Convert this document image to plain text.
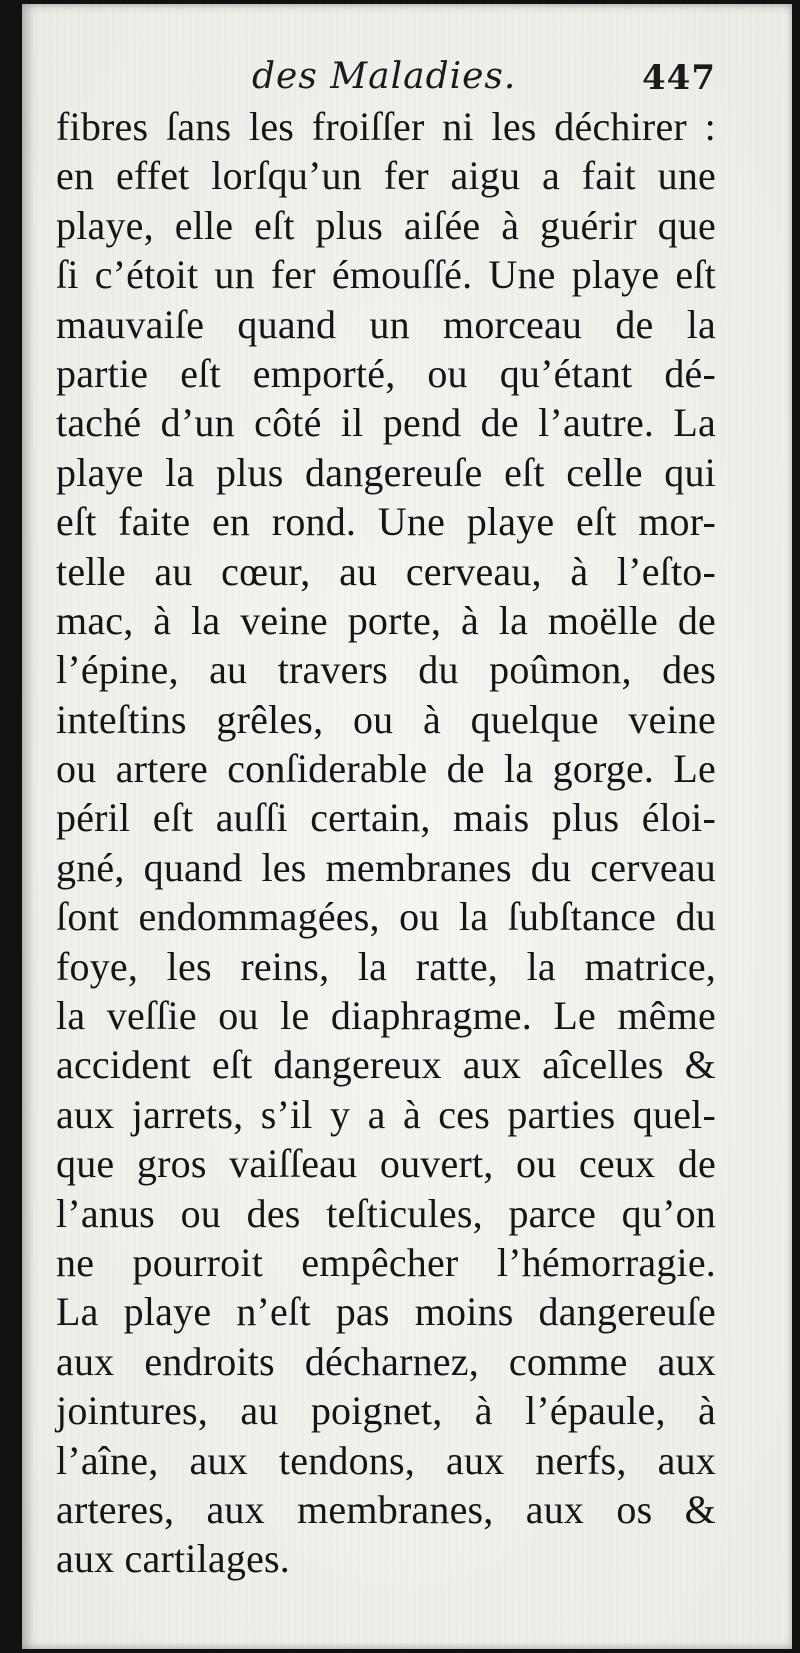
des Maladies.	447
fibres ſans les froiſſer ni les déchirer :
en effet lorſqu’un fer aigu a fait une
playe, elle eſt plus aiſée à guérir que
ſi c’étoit un fer émouſſé. Une playe eſt
mauvaiſe quand un morceau de la
partie eſt emporté, ou qu’étant dé-
taché d’un côté il pend de l’autre. La
playe la plus dangereuſe eſt celle qui
eſt faite en rond. Une playe eſt mor-
telle au cœur, au cerveau, à l’eſto-
mac, à la veine porte, à la moëlle de
l’épine, au travers du poûmon, des
inteſtins grêles, ou à quelque veine
ou artere conſiderable de la gorge. Le
péril eſt auſſi certain, mais plus éloi-
gné, quand les membranes du cerveau
ſont endommagées, ou la ſubſtance du
foye, les reins, la ratte, la matrice,
la veſſie ou le diaphragme. Le même
accident eſt dangereux aux aîcelles &
aux jarrets, s’il y a à ces parties quel-
que gros vaiſſeau ouvert, ou ceux de
l’anus ou des teſticules, parce qu’on
ne pourroit empêcher l’hémorragie.
La playe n’eſt pas moins dangereuſe
aux endroits décharnez, comme aux
jointures, au poignet, à l’épaule, à
l’aîne, aux tendons, aux nerfs, aux
arteres, aux membranes, aux os &
aux cartilages.
